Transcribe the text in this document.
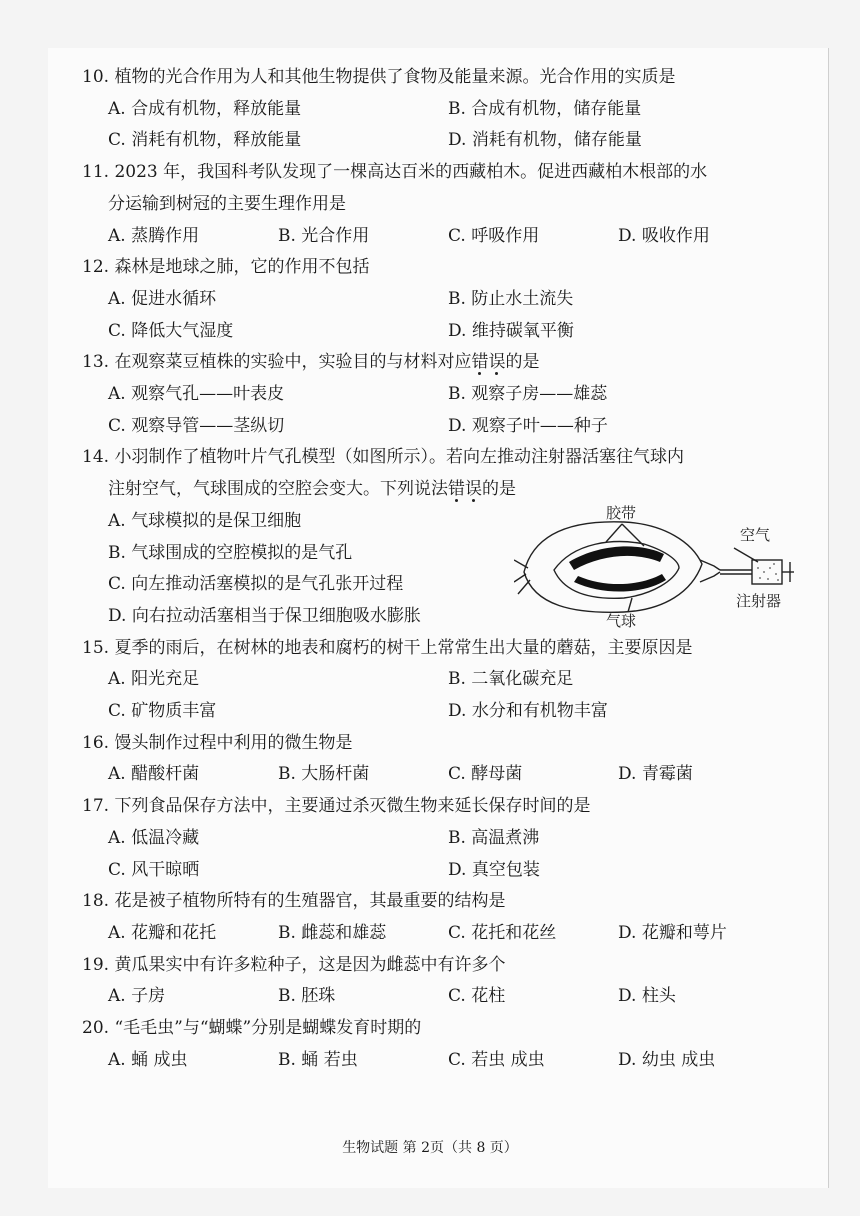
10. 植物的光合作用为人和其他生物提供了食物及能量来源。光合作用的实质是
A. 合成有机物，释放能量	B. 合成有机物，储存能量
C. 消耗有机物，释放能量	D. 消耗有机物，储存能量
11. 2023 年，我国科考队发现了一棵高达百米的西藏柏木。促进西藏柏木根部的水
分运输到树冠的主要生理作用是
A. 蒸腾作用	B. 光合作用	C. 呼吸作用	D. 吸收作用
12. 森林是地球之肺，它的作用不包括
A. 促进水循环	B. 防止水土流失
C. 降低大气湿度	D. 维持碳氧平衡
13. 在观察菜豆植株的实验中，实验目的与材料对应错误的是
A. 观察气孔——叶表皮	B. 观察子房——雄蕊
C. 观察导管——茎纵切	D. 观察子叶——种子
14. 小羽制作了植物叶片气孔模型（如图所示）。若向左推动注射器活塞往气球内
注射空气，气球围成的空腔会变大。下列说法错误的是
A. 气球模拟的是保卫细胞
B. 气球围成的空腔模拟的是气孔
C. 向左推动活塞模拟的是气孔张开过程
D. 向右拉动活塞相当于保卫细胞吸水膨胀
胶带
空气
注射器
气球
15. 夏季的雨后，在树林的地表和腐朽的树干上常常生出大量的蘑菇，主要原因是
A. 阳光充足	B. 二氧化碳充足
C. 矿物质丰富	D. 水分和有机物丰富
16. 馒头制作过程中利用的微生物是
A. 醋酸杆菌	B. 大肠杆菌	C. 酵母菌	D. 青霉菌
17. 下列食品保存方法中，主要通过杀灭微生物来延长保存时间的是
A. 低温冷藏	B. 高温煮沸
C. 风干晾晒	D. 真空包装
18. 花是被子植物所特有的生殖器官，其最重要的结构是
A. 花瓣和花托	B. 雌蕊和雄蕊	C. 花托和花丝	D. 花瓣和萼片
19. 黄瓜果实中有许多粒种子，这是因为雌蕊中有许多个
A. 子房	B. 胚珠	C. 花柱	D. 柱头
20. “毛毛虫”与“蝴蝶”分别是蝴蝶发育时期的
A. 蛹 成虫	B. 蛹 若虫	C. 若虫 成虫	D. 幼虫 成虫
生物试题 第 2页（共 8 页）
